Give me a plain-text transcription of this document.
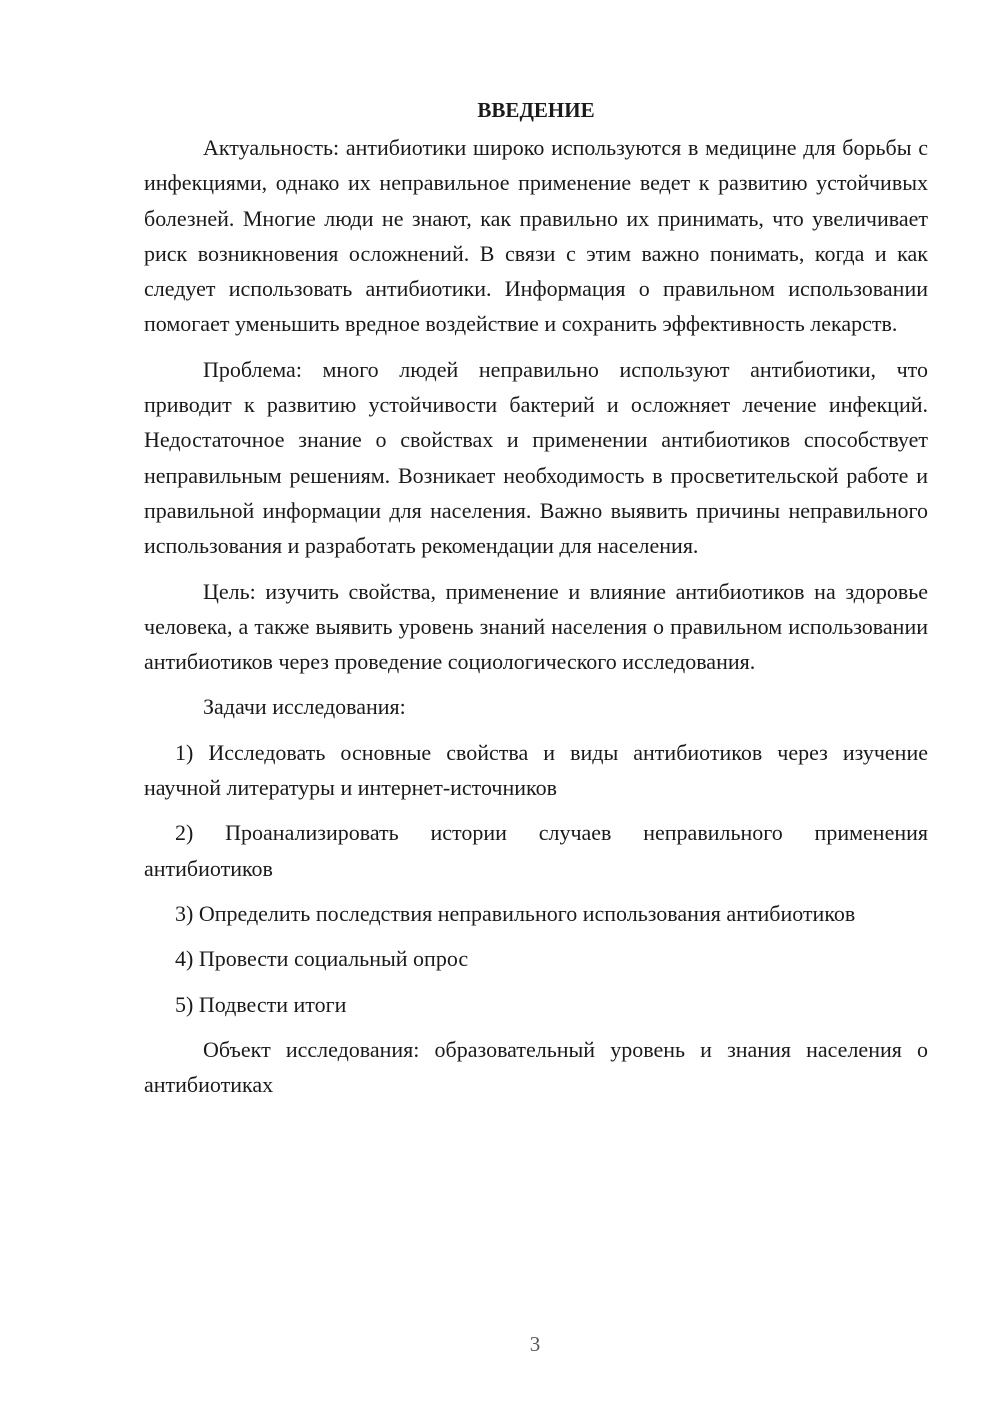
ВВЕДЕНИЕ

Актуальность: антибиотики широко используются в медицине для борьбы с инфекциями, однако их неправильное применение ведет к развитию устойчивых болезней. Многие люди не знают, как правильно их принимать, что увеличивает риск возникновения осложнений. В связи с этим важно понимать, когда и как следует использовать антибиотики. Информация о правильном использовании помогает уменьшить вредное воздействие и сохранить эффективность лекарств.

Проблема: много людей неправильно используют антибиотики, что приводит к развитию устойчивости бактерий и осложняет лечение инфекций. Недостаточное знание о свойствах и применении антибиотиков способствует неправильным решениям. Возникает необходимость в просветительской работе и правильной информации для населения. Важно выявить причины неправильного использования и разработать рекомендации для населения.

Цель: изучить свойства, применение и влияние антибиотиков на здоровье человека, а также выявить уровень знаний населения о правильном использовании антибиотиков через проведение социологического исследования.

Задачи исследования:

1) Исследовать основные свойства и виды антибиотиков через изучение научной литературы и интернет-источников

2) Проанализировать истории случаев неправильного применения антибиотиков

3) Определить последствия неправильного использования антибиотиков

4) Провести социальный опрос

5) Подвести итоги

Объект исследования: образовательный уровень и знания населения о антибиотиках

3
